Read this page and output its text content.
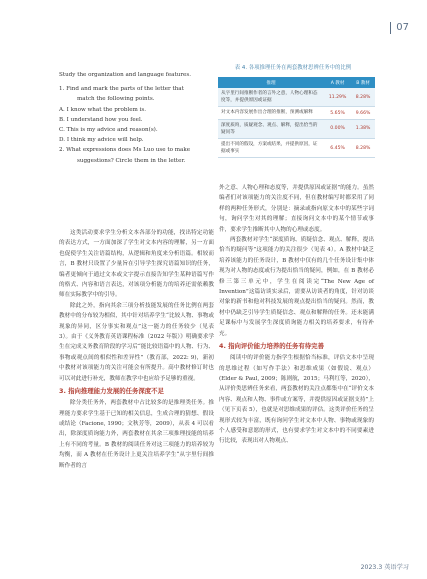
07

Study the organization and language features.

1. Find and mark the parts of the letter that

match the following points.

A. I know what the problem is.

B. I understand how you feel.

C. This is my advice and reason(s).

D. I think my advice will help.

2. What expressions does Ms Luo use to make

suggestions? Circle them in the letter.

表 4. 各项推理任务在两套教材思辨任务中的比例
推理	A 教材	B 教材
从字里行间推断作者的言外之意，人物心理和态度等，并提供原因或证据	11.29%	8.28%
对文本内容发展作出合理的推断，预测或解释	5.65%	9.66%
深度质询，质疑观念、观点、解释，提出恰当的疑问等	0.00%	1.38%
提出不同的假设，方案或结果，并提供原因，证据或事实	6.45%	8.28%

这类活动要求学生分析文本各部分的功能，找出特定功能的表达方式，一方面加深了学生对文本内容的理解，另一方面也促使学生关注语篇结构，从逻辑和角度来分析语篇。相较而言，B 教材只设置了少量旨在引导学生探究语篇知识的任务，编者更倾向于通过文本或文字提示直接告知学生某种语篇写作的格式、内容和语言表达，对该项分析能力的培养还需依赖教师在实际教学中的引导。

除此之外，指向其余三项分析技能发展的任务比例在两套教材中的分布较为相似，其中针对培养学生“比较人物、事物或现象的异同，区分事实和观点”这一能力的任务较少（见表 3）。由于《义务教育英语课程标准（2022 年版）》明确要求学生在完成义务教育阶段的学习后“能比较语篇中的人物、行为、事物或观点间的相似性和差异性”（教育部，2022: 9)，新初中教材对该项能力的关注可能会有所提升。高中教材修订时也可以对此进行补充，教师在教学中也应给予足够的重视。

3. 指向推理能力发展的任务深度不足

除分类任务外，两套教材中占比较多的是推理类任务。推理能力要求学生基于已知的相关信息，生成合理的猜想、假设或结论（Facione, 1990；文秋芳等，2009），从表 4 可以看出，除深度质询能力外，两套教材在其余三项推理技能的培养上有不同的考量。B 教材的阅读任务对这三项能力的培养较为均衡，而 A 教材在任务设计上更关注培养学生“从字里行间推断作者的言

外之意、人物心理和态度等，并提供原因或证据”的能力。虽然编者们对该项能力的关注度不同，但在教材编写时都采用了同样的两种任务形式，分别是：摘录或指向原文本中的某些字词句，询问学生对其的理解；直接询问文本中的某个情节或事件，要求学生推断其中人物的心理或态度。

两套教材对学生“深度质询、质疑信念、观点、解释，提出恰当的疑问等”这项能力的关注很少（见表 4）。A 教材中缺乏培养该能力的任务设计，B 教材中仅有的几个任务设计集中体现为对人物的态度或行为提出恰当的疑问，例如，在 B 教材必修三第三单元中，学生在阅读完“The New Age of Invention”这篇访谈实录后，需要从访谈者的角度，针对访谈对象的新书和他对科技发展的观点提出恰当的疑问。然而，教材中仍缺乏引导学生质疑信念、观点和解释的任务。还未能满足课标中与发展学生深度质询能力相关的培养要求，有待补充。

4. 指向评价能力培养的任务有待完善

阅读中的评价能力指学生根据恰当标准，评估文本中呈现的思维过程（如写作手法）和思维成果（如假说、观点）(Elder & Paul, 2009；陈则航，2015；马利红等，2020），从评价类思辨任务来看，两套教材的关注点都集中在“评价文本内容、观点和人物、事件或方案等，并提供原因或证据支持”上（见下页表 5），也就是对思维成果的评估。这类评价任务的呈现形式较为丰富，既有询问学生对文本中人物、事物或现象的个人感受和意愿的形式，也有要求学生对文本中的不同要素进行比较，表现出对人物观点、

2023.3 英语学习
